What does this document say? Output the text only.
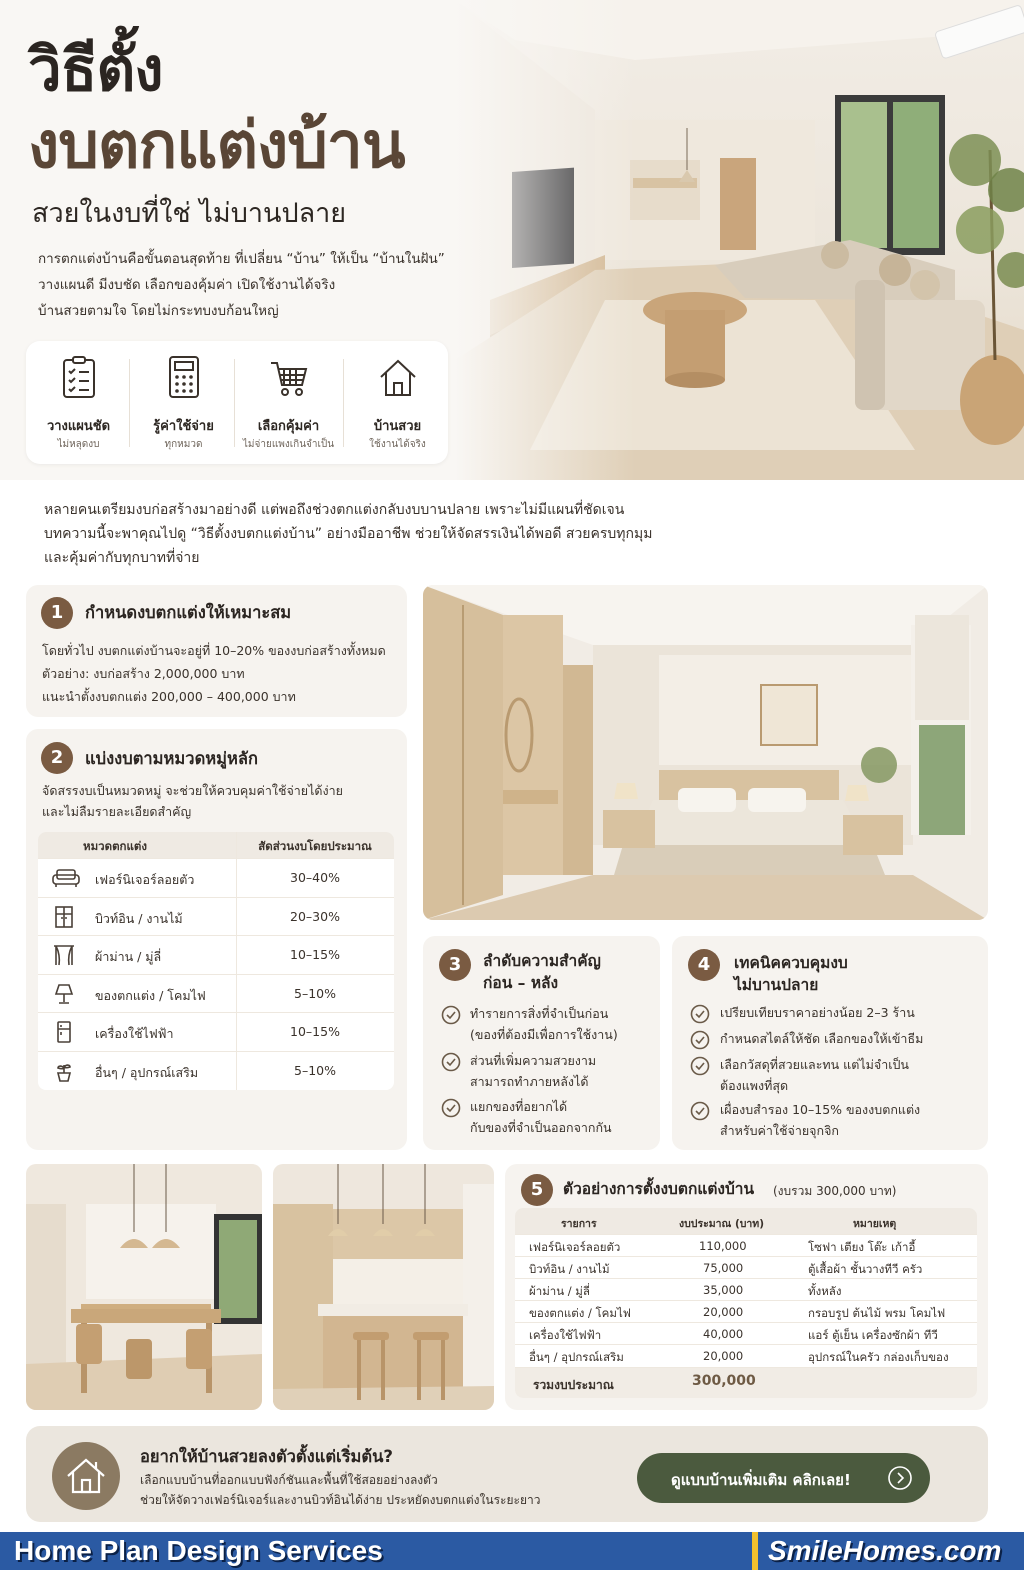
วิธีตั้ง
งบตกแต่งบ้าน
สวยในงบที่ใช่ ไม่บานปลาย
การตกแต่งบ้านคือขั้นตอนสุดท้าย ที่เปลี่ยน “บ้าน” ให้เป็น “บ้านในฝัน”
วางแผนดี มีงบชัด เลือกของคุ้มค่า เปิดใช้งานได้จริง
บ้านสวยตามใจ โดยไม่กระทบงบก้อนใหญ่
วางแผนชัด
ไม่หลุดงบ
รู้ค่าใช้จ่าย
ทุกหมวด
เลือกคุ้มค่า
ไม่จ่ายแพงเกินจำเป็น
บ้านสวย
ใช้งานได้จริง
หลายคนเตรียมงบก่อสร้างมาอย่างดี แต่พอถึงช่วงตกแต่งกลับงบบานปลาย เพราะไม่มีแผนที่ชัดเจน
บทความนี้จะพาคุณไปดู “วิธีตั้งงบตกแต่งบ้าน” อย่างมืออาชีพ ช่วยให้จัดสรรเงินได้พอดี สวยครบทุกมุม
และคุ้มค่ากับทุกบาทที่จ่าย
1	กำหนดงบตกแต่งให้เหมาะสม
โดยทั่วไป งบตกแต่งบ้านจะอยู่ที่ 10–20% ของงบก่อสร้างทั้งหมด
ตัวอย่าง: งบก่อสร้าง 2,000,000 บาท
แนะนำตั้งงบตกแต่ง 200,000 – 400,000 บาท
2	แบ่งงบตามหมวดหมู่หลัก
จัดสรรงบเป็นหมวดหมู่ จะช่วยให้ควบคุมค่าใช้จ่ายได้ง่าย
และไม่ลืมรายละเอียดสำคัญ
หมวดตกแต่ง	สัดส่วนงบโดยประมาณ
เฟอร์นิเจอร์ลอยตัว	30–40%
บิวท์อิน / งานไม้	20–30%
ผ้าม่าน / มู่ลี่	10–15%
ของตกแต่ง / โคมไฟ	5–10%
เครื่องใช้ไฟฟ้า	10–15%
อื่นๆ / อุปกรณ์เสริม	5–10%
3	ลำดับความสำคัญ
ก่อน – หลัง
ทำรายการสิ่งที่จำเป็นก่อน
(ของที่ต้องมีเพื่อการใช้งาน)
ส่วนที่เพิ่มความสวยงาม
สามารถทำภายหลังได้
แยกของที่อยากได้
กับของที่จำเป็นออกจากกัน
4	เทคนิคควบคุมงบ
ไม่บานปลาย
เปรียบเทียบราคาอย่างน้อย 2–3 ร้าน
กำหนดสไตล์ให้ชัด เลือกของให้เข้าธีม
เลือกวัสดุที่สวยและทน แต่ไม่จำเป็น
ต้องแพงที่สุด
เผื่องบสำรอง 10–15% ของงบตกแต่ง
สำหรับค่าใช้จ่ายจุกจิก
5	ตัวอย่างการตั้งงบตกแต่งบ้าน (งบรวม 300,000 บาท)
รายการ	งบประมาณ (บาท)	หมายเหตุ
เฟอร์นิเจอร์ลอยตัว	110,000	โซฟา เตียง โต๊ะ เก้าอี้
บิวท์อิน / งานไม้	75,000	ตู้เสื้อผ้า ชั้นวางทีวี ครัว
ผ้าม่าน / มู่ลี่	35,000	ทั้งหลัง
ของตกแต่ง / โคมไฟ	20,000	กรอบรูป ต้นไม้ พรม โคมไฟ
เครื่องใช้ไฟฟ้า	40,000	แอร์ ตู้เย็น เครื่องซักผ้า ทีวี
อื่นๆ / อุปกรณ์เสริม	20,000	อุปกรณ์ในครัว กล่องเก็บของ
รวมงบประมาณ	300,000
อยากให้บ้านสวยลงตัวตั้งแต่เริ่มต้น?
เลือกแบบบ้านที่ออกแบบฟังก์ชันและพื้นที่ใช้สอยอย่างลงตัว
ช่วยให้จัดวางเฟอร์นิเจอร์และงานบิวท์อินได้ง่าย ประหยัดงบตกแต่งในระยะยาว
ดูแบบบ้านเพิ่มเติม คลิกเลย!
Home Plan Design Services	SmileHomes.com
